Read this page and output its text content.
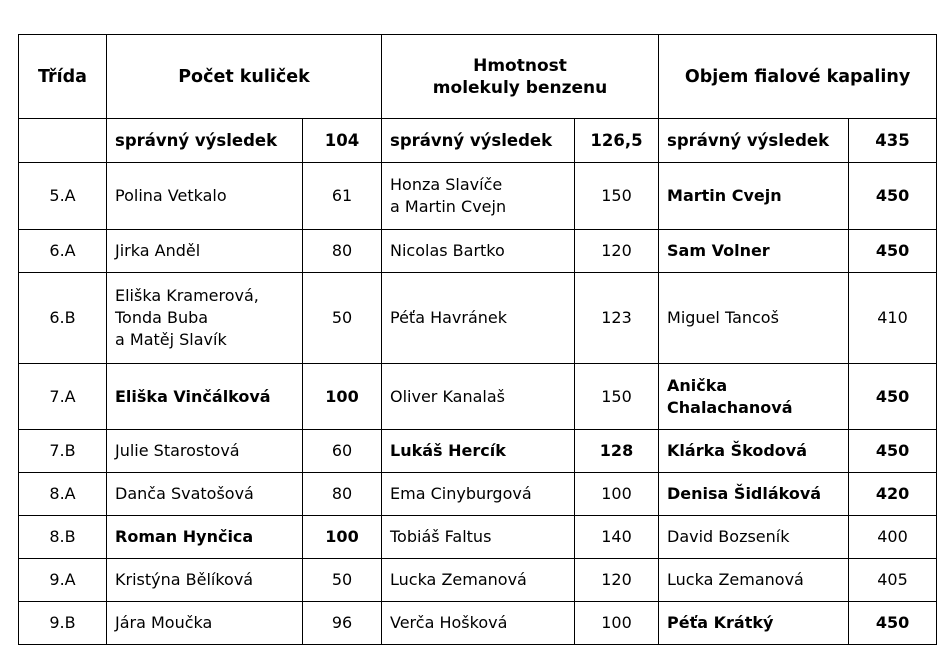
Třída	Počet kuliček		Hmotnost
molekuly benzenu		Objem fialové kapaliny	
	správný výsledek	104	správný výsledek	126,5	správný výsledek	435
5.A	Polina Vetkalo	61	Honza Slavíče
a Martin Cvejn	150	Martin Cvejn	450
6.A	Jirka Anděl	80	Nicolas Bartko	120	Sam Volner	450
6.B	Eliška Kramerová,
Tonda Buba
a Matěj Slavík	50	Péťa Havránek	123	Miguel Tancoš	410
7.A	Eliška Vinčálková	100	Oliver Kanalaš	150	Anička
Chalachanová	450
7.B	Julie Starostová	60	Lukáš Hercík	128	Klárka Škodová	450
8.A	Danča Svatošová	80	Ema Cinyburgová	100	Denisa Šidláková	420
8.B	Roman Hynčica	100	Tobiáš Faltus	140	David Bozseník	400
9.A	Kristýna Bělíková	50	Lucka Zemanová	120	Lucka Zemanová	405
9.B	Jára Moučka	96	Verča Hošková	100	Péťa Krátký	450
